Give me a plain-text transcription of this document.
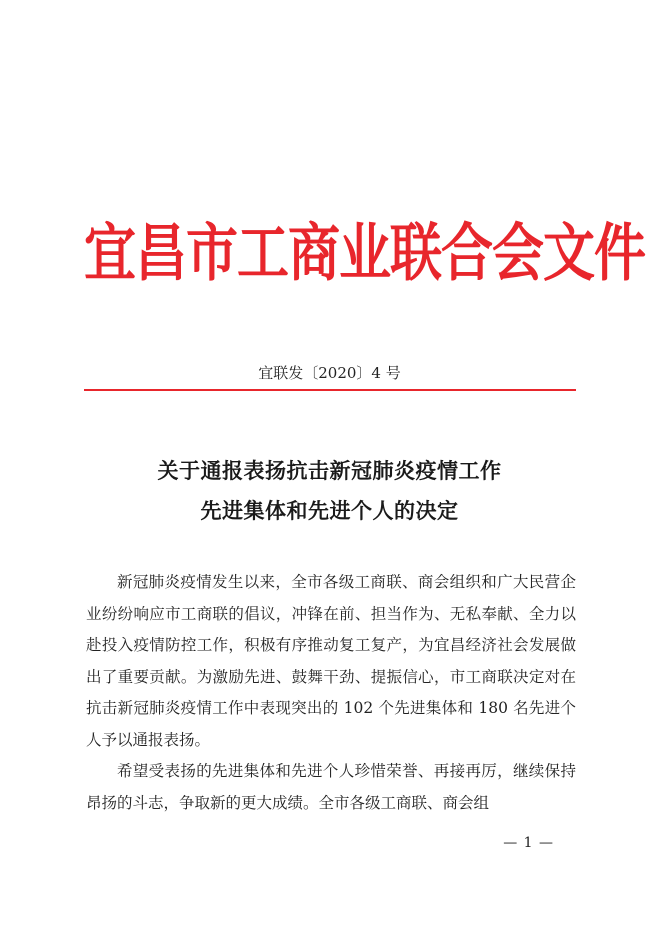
宜昌市工商业联合会文件
宜联发〔2020〕4 号
关于通报表扬抗击新冠肺炎疫情工作
先进集体和先进个人的决定

新冠肺炎疫情发生以来，全市各级工商联、商会组织和广大民营企业纷纷响应市工商联的倡议，冲锋在前、担当作为、无私奉献、全力以赴投入疫情防控工作，积极有序推动复工复产，为宜昌经济社会发展做出了重要贡献。为激励先进、鼓舞干劲、提振信心，市工商联决定对在抗击新冠肺炎疫情工作中表现突出的 102 个先进集体和 180 名先进个人予以通报表扬。

希望受表扬的先进集体和先进个人珍惜荣誉、再接再厉，继续保持昂扬的斗志，争取新的更大成绩。全市各级工商联、商会组

— 1 —
